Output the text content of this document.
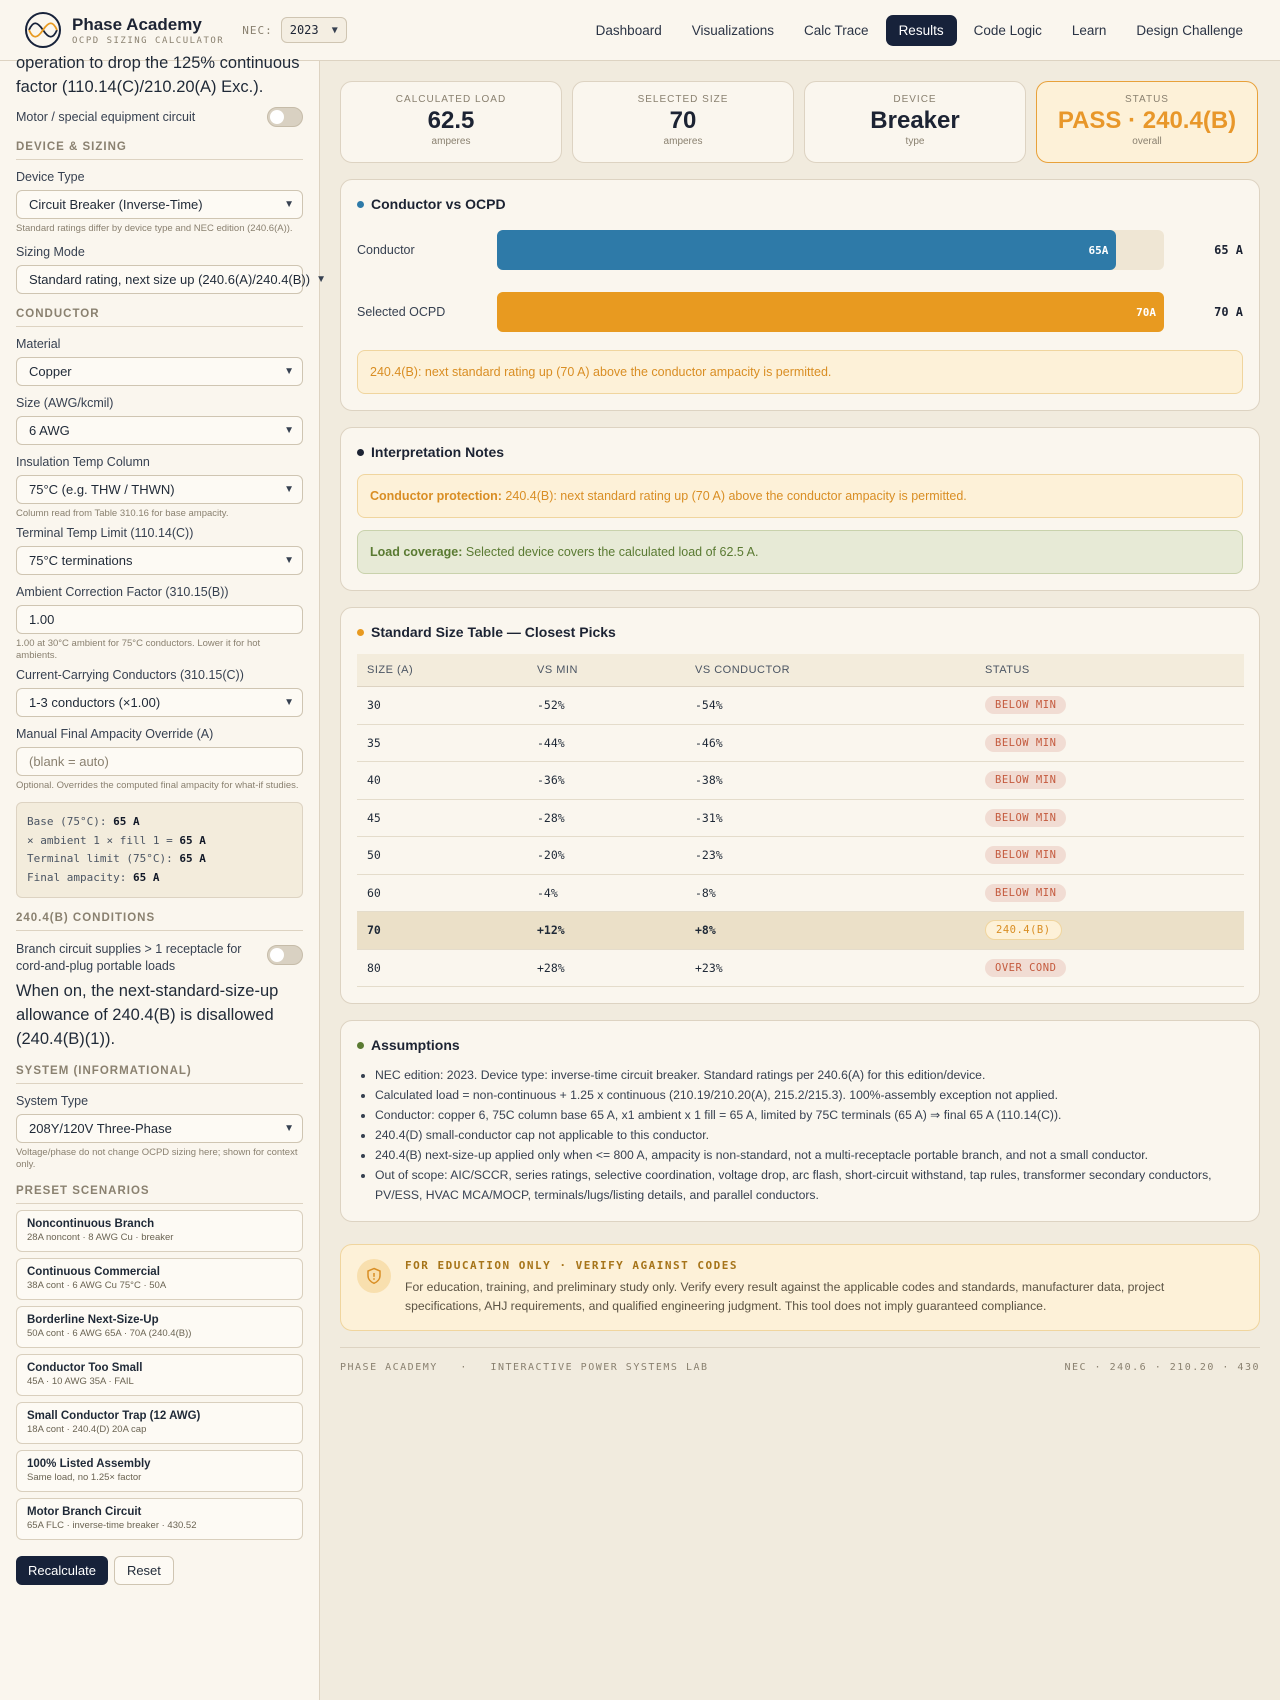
Phase Academy
OCPD SIZING CALCULATOR
NEC: 2023 ▼	Dashboard	Visualizations	Calc Trace	Results	Code Logic	Learn	Design Challenge
operation to drop the 125% continuous factor (110.14(C)/210.20(A) Exc.).
Motor / special equipment circuit
DEVICE & SIZING
Device Type
Circuit Breaker (Inverse-Time)	▼
Standard ratings differ by device type and NEC edition (240.6(A)).
Sizing Mode
Standard rating, next size up (240.6(A)/240.4(B)) ▼
CONDUCTOR
Material
Copper	▼
Size (AWG/kcmil)
6 AWG	▼
Insulation Temp Column
75°C (e.g. THW / THWN)	▼
Column read from Table 310.16 for base ampacity.
Terminal Temp Limit (110.14(C))
75°C terminations	▼
Ambient Correction Factor (310.15(B))
1.00
1.00 at 30°C ambient for 75°C conductors. Lower it for hot ambients.
Current-Carrying Conductors (310.15(C))
1-3 conductors (×1.00)	▼
Manual Final Ampacity Override (A)
(blank = auto)
Optional. Overrides the computed final ampacity for what-if studies.
Base (75°C): 65 A
× ambient 1 × fill 1 = 65 A
Terminal limit (75°C): 65 A
Final ampacity: 65 A
240.4(B) CONDITIONS
Branch circuit supplies > 1 receptacle for cord-and-plug portable loads
When on, the next-standard-size-up allowance of 240.4(B) is disallowed (240.4(B)(1)).
SYSTEM (INFORMATIONAL)
System Type
208Y/120V Three-Phase	▼
Voltage/phase do not change OCPD sizing here; shown for context only.
PRESET SCENARIOS
Noncontinuous Branch
28A noncont · 8 AWG Cu · breaker
Continuous Commercial
38A cont · 6 AWG Cu 75°C · 50A
Borderline Next-Size-Up
50A cont · 6 AWG 65A · 70A (240.4(B))
Conductor Too Small
45A · 10 AWG 35A · FAIL
Small Conductor Trap (12 AWG)
18A cont · 240.4(D) 20A cap
100% Listed Assembly
Same load, no 1.25× factor
Motor Branch Circuit
65A FLC · inverse-time breaker · 430.52
Recalculate	Reset
CALCULATED LOAD
62.5
amperes
SELECTED SIZE
70
amperes
DEVICE
Breaker
type
STATUS
PASS · 240.4(B)
overall
Conductor vs OCPD
Conductor	65A	65 A
Selected OCPD	70A	70 A
240.4(B): next standard rating up (70 A) above the conductor ampacity is permitted.
Interpretation Notes
Conductor protection: 240.4(B): next standard rating up (70 A) above the conductor ampacity is permitted.
Load coverage: Selected device covers the calculated load of 62.5 A.
Standard Size Table — Closest Picks
SIZE (A)	VS MIN	VS CONDUCTOR	STATUS
30	-52%	-54%	BELOW MIN
35	-44%	-46%	BELOW MIN
40	-36%	-38%	BELOW MIN
45	-28%	-31%	BELOW MIN
50	-20%	-23%	BELOW MIN
60	-4%	-8%	BELOW MIN
70	+12%	+8%	240.4(B)
80	+28%	+23%	OVER COND
Assumptions
• NEC edition: 2023. Device type: inverse-time circuit breaker. Standard ratings per 240.6(A) for this edition/device.
• Calculated load = non-continuous + 1.25 x continuous (210.19/210.20(A), 215.2/215.3). 100%-assembly exception not applied.
• Conductor: copper 6, 75C column base 65 A, x1 ambient x 1 fill = 65 A, limited by 75C terminals (65 A) ⇒ final 65 A (110.14(C)).
• 240.4(D) small-conductor cap not applicable to this conductor.
• 240.4(B) next-size-up applied only when <= 800 A, ampacity is non-standard, not a multi-receptacle portable branch, and not a small conductor.
• Out of scope: AIC/SCCR, series ratings, selective coordination, voltage drop, arc flash, short-circuit withstand, tap rules, transformer secondary conductors, PV/ESS, HVAC MCA/MOCP, terminals/lugs/listing details, and parallel conductors.
FOR EDUCATION ONLY · VERIFY AGAINST CODES
For education, training, and preliminary study only. Verify every result against the applicable codes and standards, manufacturer data, project specifications, AHJ requirements, and qualified engineering judgment. This tool does not imply guaranteed compliance.
PHASE ACADEMY · INTERACTIVE POWER SYSTEMS LAB	NEC · 240.6 · 210.20 · 430
